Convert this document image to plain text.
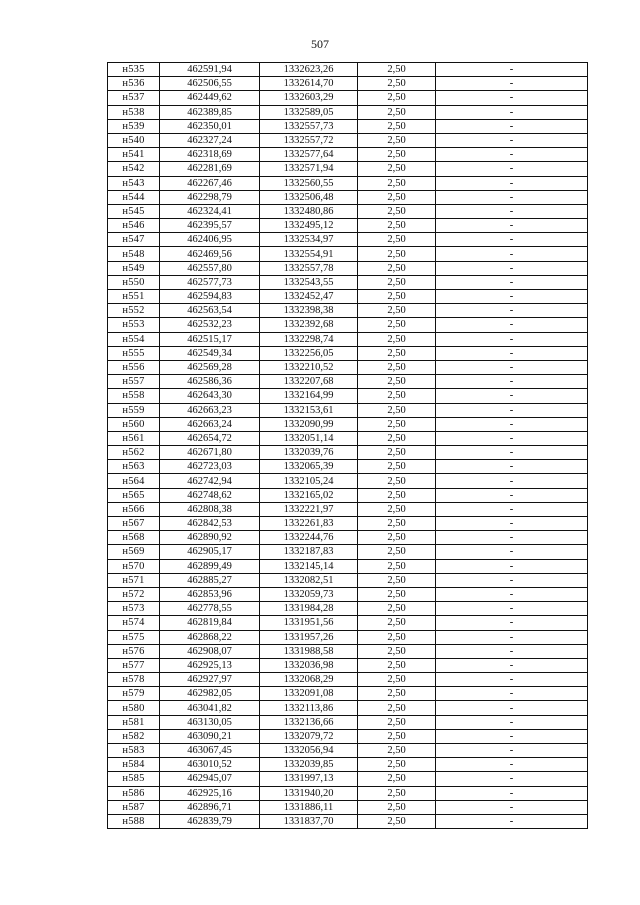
507
н535	462591,94	1332623,26	2,50	-
н536	462506,55	1332614,70	2,50	-
н537	462449,62	1332603,29	2,50	-
н538	462389,85	1332589,05	2,50	-
н539	462350,01	1332557,73	2,50	-
н540	462327,24	1332557,72	2,50	-
н541	462318,69	1332577,64	2,50	-
н542	462281,69	1332571,94	2,50	-
н543	462267,46	1332560,55	2,50	-
н544	462298,79	1332506,48	2,50	-
н545	462324,41	1332480,86	2,50	-
н546	462395,57	1332495,12	2,50	-
н547	462406,95	1332534,97	2,50	-
н548	462469,56	1332554,91	2,50	-
н549	462557,80	1332557,78	2,50	-
н550	462577,73	1332543,55	2,50	-
н551	462594,83	1332452,47	2,50	-
н552	462563,54	1332398,38	2,50	-
н553	462532,23	1332392,68	2,50	-
н554	462515,17	1332298,74	2,50	-
н555	462549,34	1332256,05	2,50	-
н556	462569,28	1332210,52	2,50	-
н557	462586,36	1332207,68	2,50	-
н558	462643,30	1332164,99	2,50	-
н559	462663,23	1332153,61	2,50	-
н560	462663,24	1332090,99	2,50	-
н561	462654,72	1332051,14	2,50	-
н562	462671,80	1332039,76	2,50	-
н563	462723,03	1332065,39	2,50	-
н564	462742,94	1332105,24	2,50	-
н565	462748,62	1332165,02	2,50	-
н566	462808,38	1332221,97	2,50	-
н567	462842,53	1332261,83	2,50	-
н568	462890,92	1332244,76	2,50	-
н569	462905,17	1332187,83	2,50	-
н570	462899,49	1332145,14	2,50	-
н571	462885,27	1332082,51	2,50	-
н572	462853,96	1332059,73	2,50	-
н573	462778,55	1331984,28	2,50	-
н574	462819,84	1331951,56	2,50	-
н575	462868,22	1331957,26	2,50	-
н576	462908,07	1331988,58	2,50	-
н577	462925,13	1332036,98	2,50	-
н578	462927,97	1332068,29	2,50	-
н579	462982,05	1332091,08	2,50	-
н580	463041,82	1332113,86	2,50	-
н581	463130,05	1332136,66	2,50	-
н582	463090,21	1332079,72	2,50	-
н583	463067,45	1332056,94	2,50	-
н584	463010,52	1332039,85	2,50	-
н585	462945,07	1331997,13	2,50	-
н586	462925,16	1331940,20	2,50	-
н587	462896,71	1331886,11	2,50	-
н588	462839,79	1331837,70	2,50	-
